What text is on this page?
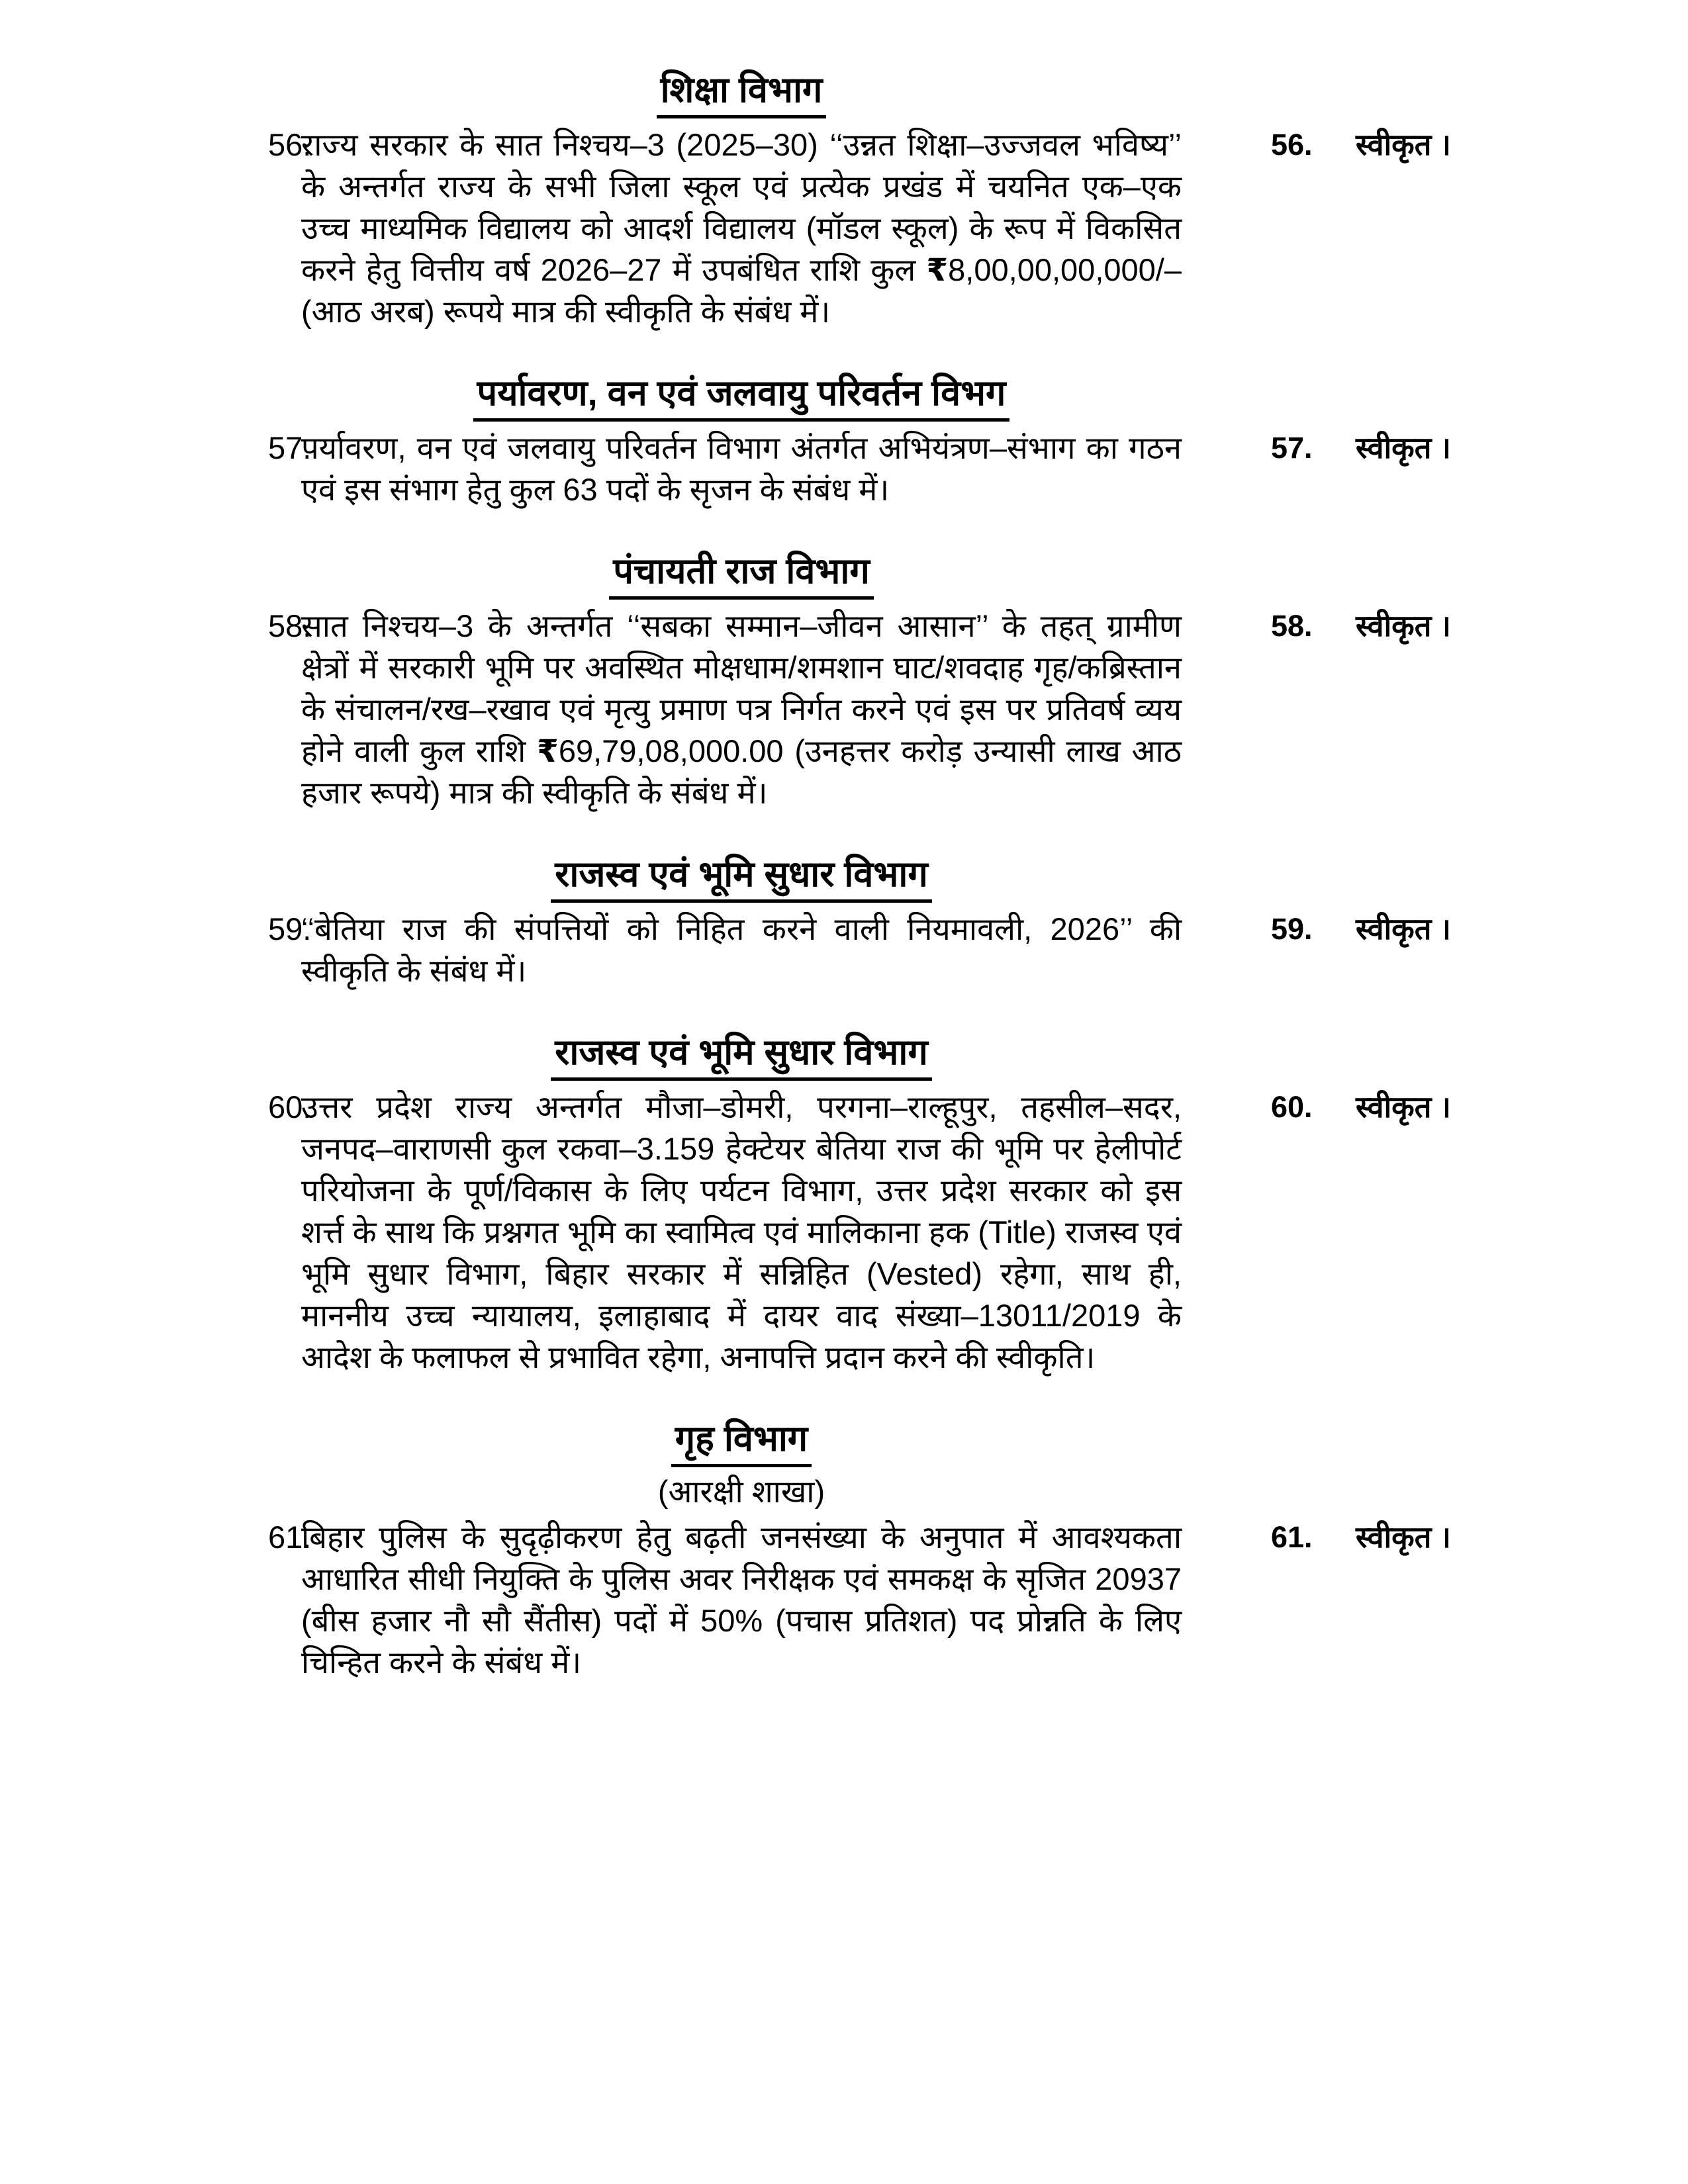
शिक्षा विभाग
56.
राज्य सरकार के सात निश्चय–3 (2025–30) ‘‘उन्नत शिक्षा–उज्जवल भविष्य’’ के अन्तर्गत राज्य के सभी जिला स्कूल एवं प्रत्येक प्रखंड में चयनित एक–एक उच्च माध्यमिक विद्यालय को आदर्श विद्यालय (मॉडल स्कूल) के रूप में विकसित करने हेतु वित्तीय वर्ष 2026–27 में उपबंधित राशि कुल ₹8,00,00,00,000/–(आठ अरब) रूपये मात्र की स्वीकृति के संबंध में।
56.	स्वीकृत ।
पर्यावरण, वन एवं जलवायु परिवर्तन विभग
57.
पर्यावरण, वन एवं जलवायु परिवर्तन विभाग अंतर्गत अभियंत्रण–संभाग का गठन एवं इस संभाग हेतु कुल 63 पदों के सृजन के संबंध में।
57.	स्वीकृत ।
पंचायती राज विभाग
58.
सात निश्चय–3 के अन्तर्गत ‘‘सबका सम्मान–जीवन आसान’’ के तहत् ग्रामीण क्षेत्रों में सरकारी भूमि पर अवस्थित मोक्षधाम/शमशान घाट/शवदाह गृह/कब्रिस्तान के संचालन/रख–रखाव एवं मृत्यु प्रमाण पत्र निर्गत करने एवं इस पर प्रतिवर्ष व्यय होने वाली कुल राशि ₹69,79,08,000.00 (उनहत्तर करोड़ उन्यासी लाख आठ हजार रूपये) मात्र की स्वीकृति के संबंध में।
58.	स्वीकृत ।
राजस्व एवं भूमि सुधार विभाग
59.
‘‘बेतिया राज की संपत्तियों को निहित करने वाली नियमावली, 2026’’ की स्वीकृति के संबंध में।
59.	स्वीकृत ।
राजस्व एवं भूमि सुधार विभाग
60.
उत्तर प्रदेश राज्य अन्तर्गत मौजा–डोमरी, परगना–राल्हूपुर, तहसील–सदर, जनपद–वाराणसी कुल रकवा–3.159 हेक्टेयर बेतिया राज की भूमि पर हेलीपोर्ट परियोजना के पूर्ण/विकास के लिए पर्यटन विभाग, उत्तर प्रदेश सरकार को इस शर्त्त के साथ कि प्रश्नगत भूमि का स्वामित्व एवं मालिकाना हक (Title) राजस्व एवं भूमि सुधार विभाग, बिहार सरकार में सन्निहित (Vested) रहेगा, साथ ही, माननीय उच्च न्यायालय, इलाहाबाद में दायर वाद संख्या–13011/2019 के आदेश के फलाफल से प्रभावित रहेगा, अनापत्ति प्रदान करने की स्वीकृति।
60.	स्वीकृत ।
गृह विभाग
(आरक्षी शाखा)
61.
बिहार पुलिस के सुदृढ़ीकरण हेतु बढ़ती जनसंख्या के अनुपात में आवश्यकता आधारित सीधी नियुक्ति के पुलिस अवर निरीक्षक एवं समकक्ष के सृजित 20937 (बीस हजार नौ सौ सैंतीस) पदों में 50% (पचास प्रतिशत) पद प्रोन्नति के लिए चिन्हित करने के संबंध में।
61.	स्वीकृत ।
